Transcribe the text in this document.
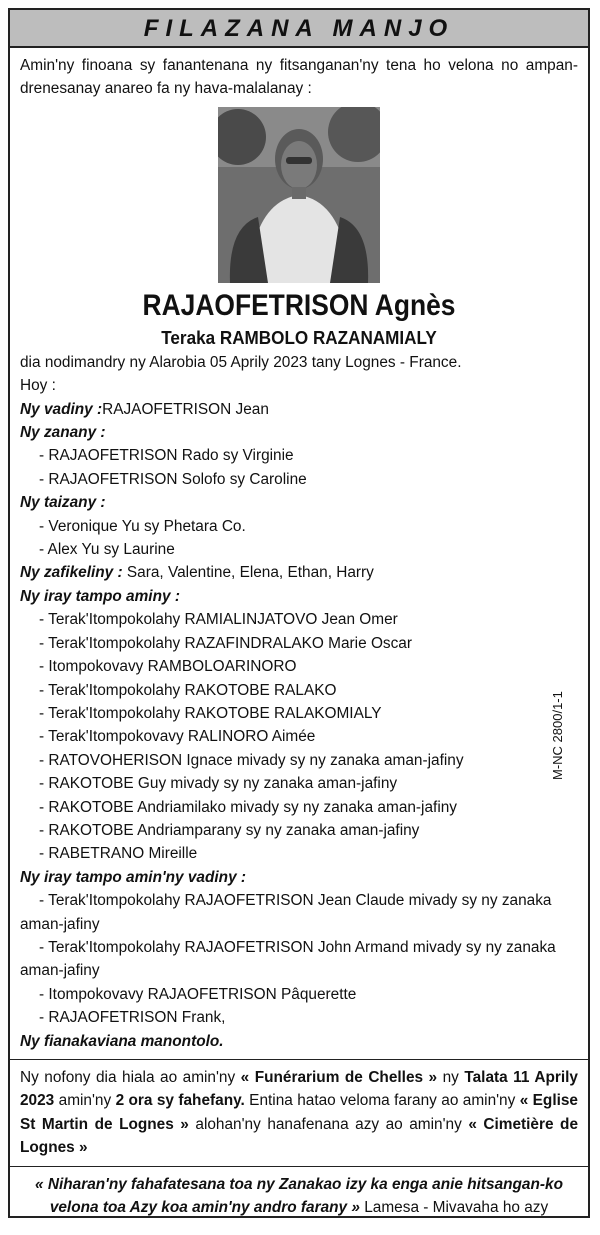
FILAZANA MANJO

Amin'ny finoana sy fanantenana ny fitsanganan'ny tena ho velona no ampan-drenesanay anareo fa ny hava-malalanay :

RAJAOFETRISON Agnès
Teraka RAMBOLO RAZANAMIALY

dia nodimandry ny Alarobia 05 Aprily 2023 tany Lognes - France.

Hoy :

Ny vadiny :RAJAOFETRISON Jean

Ny zanany :

- RAJAOFETRISON Rado sy Virginie
- RAJAOFETRISON Solofo sy Caroline

Ny taizany :

- Veronique Yu sy Phetara Co.
- Alex Yu sy Laurine

Ny zafikeliny : Sara, Valentine, Elena, Ethan, Harry

Ny iray tampo aminy :

- Terak'Itompokolahy RAMIALINJATOVO Jean Omer
- Terak'Itompokolahy RAZAFINDRALAKO Marie Oscar
- Itompokovavy RAMBOLOARINORO
- Terak'Itompokolahy RAKOTOBE RALAKO
- Terak'Itompokolahy RAKOTOBE RALAKOMIALY
- Terak'Itompokovavy RALINORO Aimée
- RATOVOHERISON Ignace mivady sy ny zanaka aman-jafiny
- RAKOTOBE Guy mivady sy ny zanaka aman-jafiny
- RAKOTOBE Andriamilako mivady sy ny zanaka aman-jafiny
- RAKOTOBE Andriamparany sy ny zanaka aman-jafiny
- RABETRANO Mireille

Ny iray tampo amin'ny vadiny :

- Terak'Itompokolahy RAJAOFETRISON Jean Claude mivady sy ny zanaka
aman-jafiny
- Terak'Itompokolahy RAJAOFETRISON John Armand mivady sy ny zanaka
aman-jafiny
- Itompokovavy RAJAOFETRISON Pâquerette
- RAJAOFETRISON Frank,

Ny fianakaviana manontolo.

Ny nofony dia hiala ao amin'ny « Funérarium de Chelles » ny Talata 11 Aprily 2023 amin'ny 2 ora sy fahefany. Entina hatao veloma farany ao amin'ny « Eglise St Martin de Lognes » alohan'ny hanafenana azy ao amin'ny « Cimetière de Lognes »

« Niharan'ny fahafatesana toa ny Zanakao izy ka enga anie hitsangan-ko velona toa Azy koa amin'ny andro farany » Lamesa - Mivavaha ho azy

M-NC 2800/1-1
